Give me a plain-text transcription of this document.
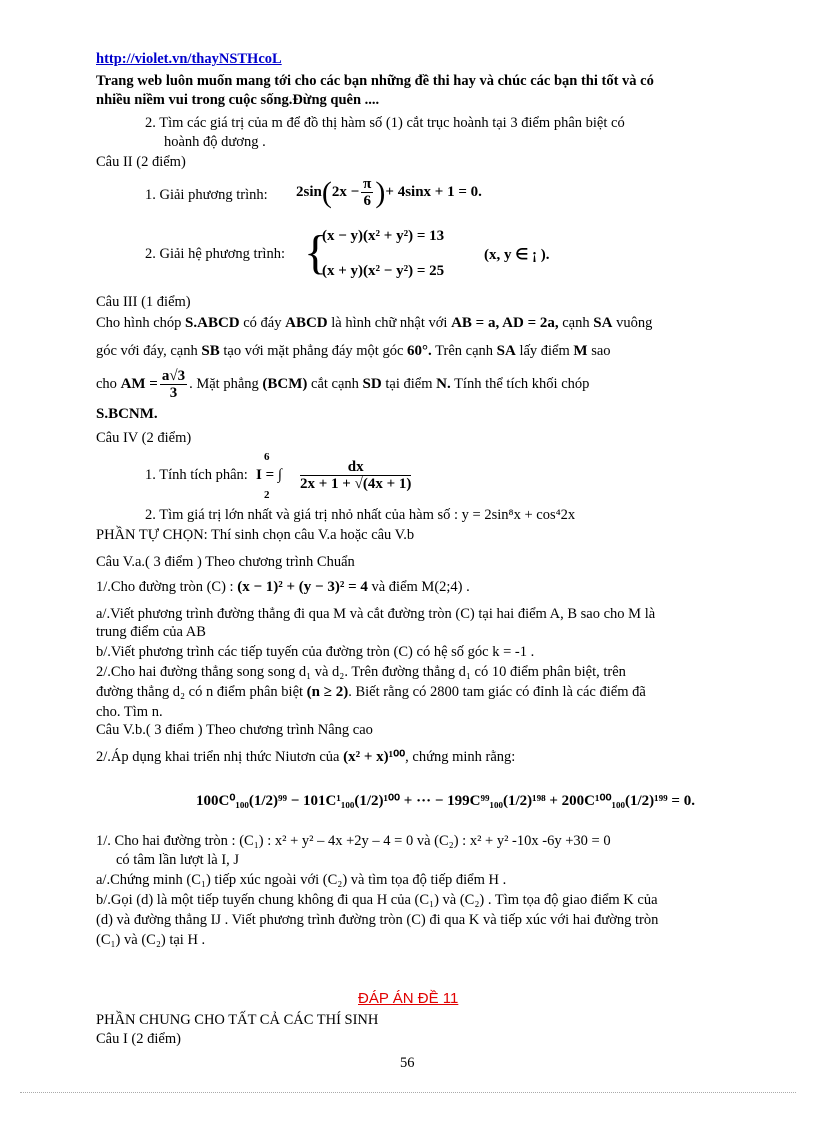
http://violet.vn/thayNSTHcoL
Trang web luôn muốn mang tới cho các bạn những đề thi hay và chúc các bạn thi tốt và có
nhiều niềm vui trong cuộc sống.Đừng quên ....
2. Tìm các giá trị của m để đồ thị hàm số (1) cắt trục hoành tại 3 điểm phân biệt có
hoành độ dương .
Câu II (2 điểm)
1. Giải phương trình: $2\sin(2x - \frac{\pi}{6}$ )+ 4sinx + 1 = 0.
2. Giải hệ phương trình: {
(x − y)(x² + y²) = 13
(x + y)(x² − y²) = 25
(x, y ∈ ¡ ).
Câu III (1 điểm)
Cho hình chóp S.ABCD có đáy ABCD là hình chữ nhật với AB = a, AD = 2a, cạnh SA vuông
góc với đáy, cạnh SB tạo với mặt phẳng đáy một góc 60°. Trên cạnh SA lấy điểm M sao
cho AM = $\frac{a√3}{3}$ . Mặt phẳng (BCM) cắt cạnh SD tại điểm N. Tính thể tích khối chóp
S.BCNM.
Câu IV (2 điểm)
1. Tính tích phân:
6
2
I = ∫ $\frac{dx}{2x + 1 + √(4x + 1)}$
2. Tìm giá trị lớn nhất và giá trị nhỏ nhất của hàm số : y = 2sin⁸x + cos⁴2x
PHẦN TỰ CHỌN: Thí sinh chọn câu V.a hoặc câu V.b
Câu V.a.( 3 điểm ) Theo chương trình Chuẩn
1/.Cho đường tròn (C) : (x − 1)² + (y − 3)² = 4 và điểm M(2;4) .
a/.Viết phương trình đường thẳng đi qua M và cắt đường tròn (C) tại hai điểm A, B sao cho M là
trung điểm của AB
b/.Viết phương trình các tiếp tuyến của đường tròn (C) có hệ số góc k = -1 .
2/.Cho hai đường thẳng song song d₁ và d₂. Trên đường thẳng d₁ có 10 điểm phân biệt, trên
đường thẳng d₂ có n điểm phân biệt (n ≥ 2). Biết rằng có 2800 tam giác có đỉnh là các điểm đã
cho. Tìm n.
Câu V.b.( 3 điểm ) Theo chương trình Nâng cao
2/.Áp dụng khai triển nhị thức Niutơn của (x² + x)¹⁰⁰, chứng minh rằng:
100C⁰₁₀₀(1/2)⁹⁹ − 101C¹₁₀₀(1/2)¹⁰⁰ + ··· − 199C⁹⁹₁₀₀(1/2)¹⁹⁸ + 200C¹⁰⁰₁₀₀(1/2)¹⁹⁹ = 0.
1/. Cho hai đường tròn : (C₁) : x² + y² – 4x +2y – 4 = 0 và (C₂) : x² + y² -10x -6y +30 = 0
có tâm lần lượt là I, J
a/.Chứng minh (C₁) tiếp xúc ngoài với (C₂) và tìm tọa độ tiếp điểm H .
b/.Gọi (d) là một tiếp tuyến chung không đi qua H của (C₁) và (C₂) . Tìm tọa độ giao điểm K của
(d) và đường thẳng IJ . Viết phương trình đường tròn (C) đi qua K và tiếp xúc với hai đường tròn
(C₁) và (C₂) tại H .
ĐÁP ÁN ĐỀ 11
PHẦN CHUNG CHO TẤT CẢ CÁC THÍ SINH
Câu I (2 điểm)
56
